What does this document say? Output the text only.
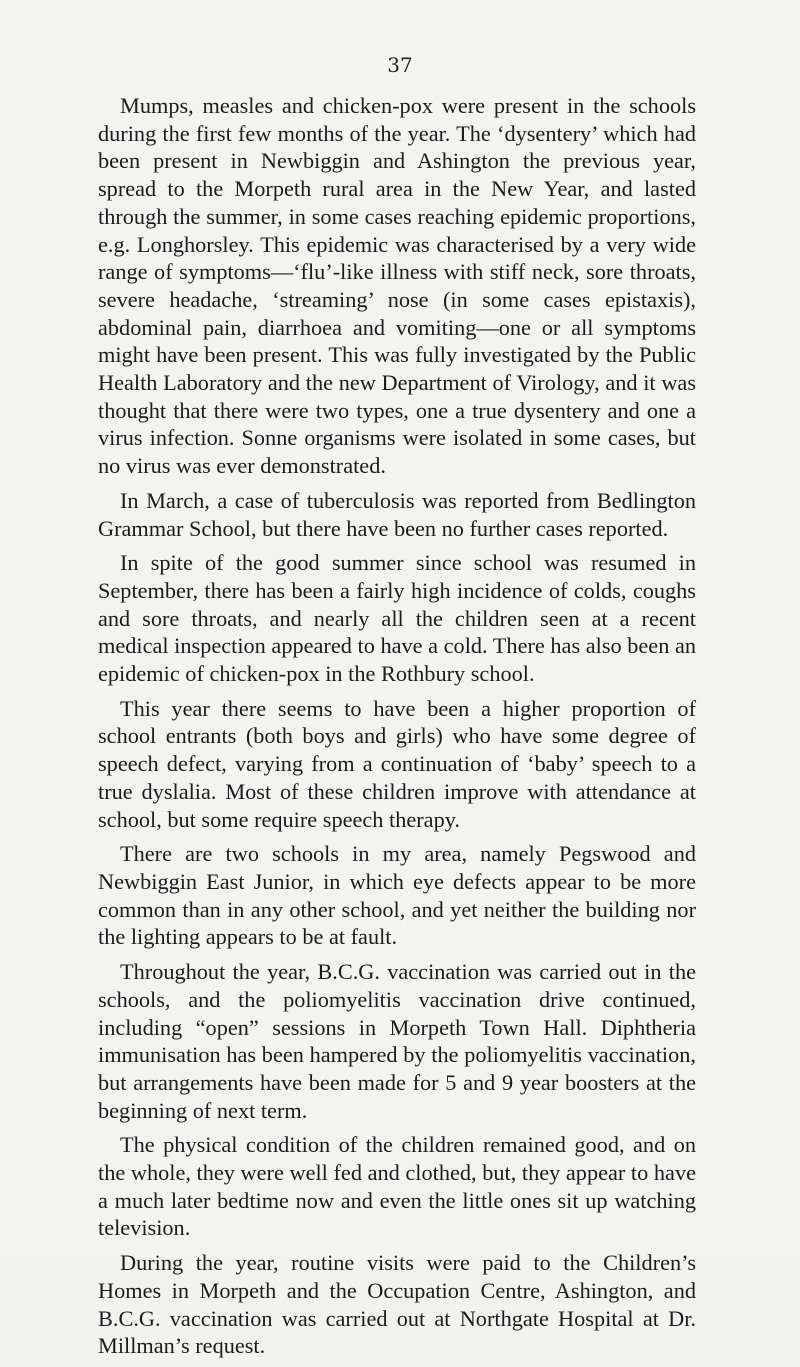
37

Mumps, measles and chicken-pox were present in the schools during the first few months of the year. The ‘dysentery’ which had been present in Newbiggin and Ashington the previous year, spread to the Morpeth rural area in the New Year, and lasted through the summer, in some cases reaching epidemic proportions, e.g. Longhorsley. This epidemic was characterised by a very wide range of symptoms—‘flu’-like illness with stiff neck, sore throats, severe headache, ‘streaming’ nose (in some cases epistaxis), abdominal pain, diarrhoea and vomiting—one or all symptoms might have been present. This was fully investigated by the Public Health Laboratory and the new Department of Virology, and it was thought that there were two types, one a true dysentery and one a virus infection. Sonne organisms were isolated in some cases, but no virus was ever demonstrated.

In March, a case of tuberculosis was reported from Bedlington Grammar School, but there have been no further cases reported.

In spite of the good summer since school was resumed in September, there has been a fairly high incidence of colds, coughs and sore throats, and nearly all the children seen at a recent medical inspection appeared to have a cold. There has also been an epidemic of chicken-pox in the Rothbury school.

This year there seems to have been a higher proportion of school entrants (both boys and girls) who have some degree of speech defect, varying from a continuation of ‘baby’ speech to a true dyslalia. Most of these children improve with attendance at school, but some require speech therapy.

There are two schools in my area, namely Pegswood and Newbiggin East Junior, in which eye defects appear to be more common than in any other school, and yet neither the building nor the lighting appears to be at fault.

Throughout the year, B.C.G. vaccination was carried out in the schools, and the poliomyelitis vaccination drive continued, including “open” sessions in Morpeth Town Hall. Diphtheria immunisation has been hampered by the poliomyelitis vaccination, but arrangements have been made for 5 and 9 year boosters at the beginning of next term.

The physical condition of the children remained good, and on the whole, they were well fed and clothed, but, they appear to have a much later bedtime now and even the little ones sit up watching television.

During the year, routine visits were paid to the Children’s Homes in Morpeth and the Occupation Centre, Ashington, and B.C.G. vaccination was carried out at Northgate Hospital at Dr. Millman’s request.
